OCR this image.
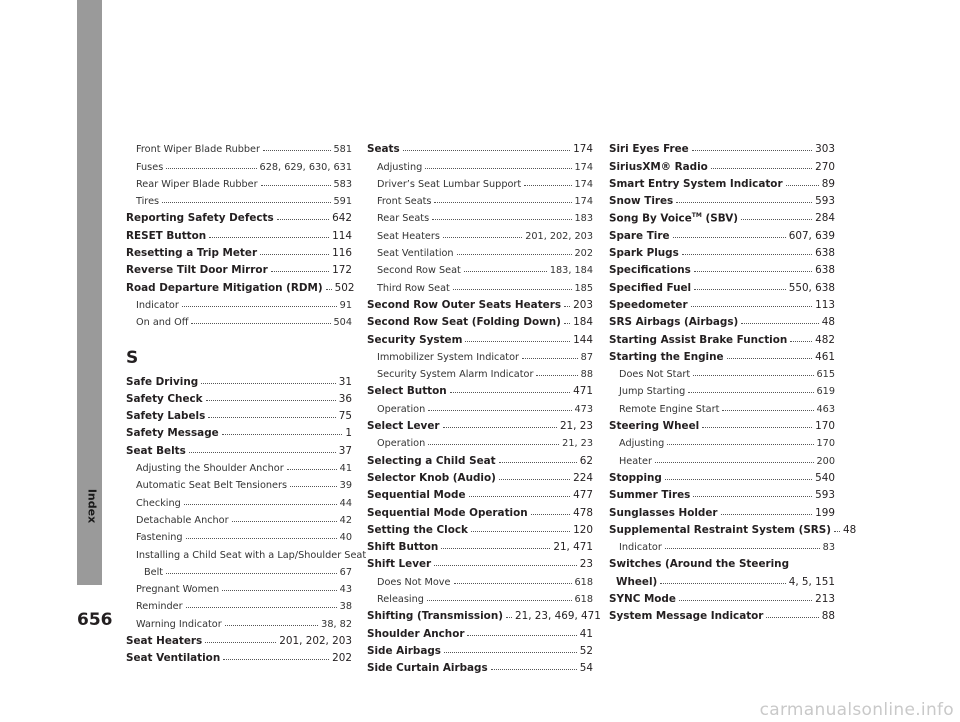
Index
656
Front Wiper Blade Rubber	581
Fuses	628, 629, 630, 631
Rear Wiper Blade Rubber	583
Tires	591
Reporting Safety Defects	642
RESET Button	114
Resetting a Trip Meter	116
Reverse Tilt Door Mirror	172
Road Departure Mitigation (RDM) 502
Indicator	91
On and Off	504
S
Safe Driving	31
Safety Check	36
Safety Labels	75
Safety Message	1
Seat Belts	37
Adjusting the Shoulder Anchor	41
Automatic Seat Belt Tensioners	39
Checking	44
Detachable Anchor	42
Fastening	40
Installing a Child Seat with a Lap/Shoulder Seat
Belt	67
Pregnant Women	43
Reminder	38
Warning Indicator	38, 82
Seat Heaters	201, 202, 203
Seat Ventilation	202
Seats	174
Adjusting	174
Driver’s Seat Lumbar Support	174
Front Seats	174
Rear Seats	183
Seat Heaters	201, 202, 203
Seat Ventilation	202
Second Row Seat	183, 184
Third Row Seat	185
Second Row Outer Seats Heaters 203
Second Row Seat (Folding Down) 184
Security System	144
Immobilizer System Indicator	87
Security System Alarm Indicator	88
Select Button	471
Operation	473
Select Lever	21, 23
Operation	21, 23
Selecting a Child Seat	62
Selector Knob (Audio)	224
Sequential Mode	477
Sequential Mode Operation	478
Setting the Clock	120
Shift Button	21, 471
Shift Lever	23
Does Not Move	618
Releasing	618
Shifting (Transmission) 21, 23, 469, 471
Shoulder Anchor	41
Side Airbags	52
Side Curtain Airbags	54
Siri Eyes Free	303
SiriusXM® Radio	270
Smart Entry System Indicator	89
Snow Tires	593
Song By Voice™ (SBV)	284
Spare Tire	607, 639
Spark Plugs	638
Specifications	638
Specified Fuel	550, 638
Speedometer	113
SRS Airbags (Airbags)	48
Starting Assist Brake Function	482
Starting the Engine	461
Does Not Start	615
Jump Starting	619
Remote Engine Start	463
Steering Wheel	170
Adjusting	170
Heater	200
Stopping	540
Summer Tires	593
Sunglasses Holder	199
Supplemental Restraint System (SRS) 48
Indicator	83
Switches (Around the Steering
Wheel)	4, 5, 151
SYNC Mode	213
System Message Indicator	88
carmanualsonline.info
